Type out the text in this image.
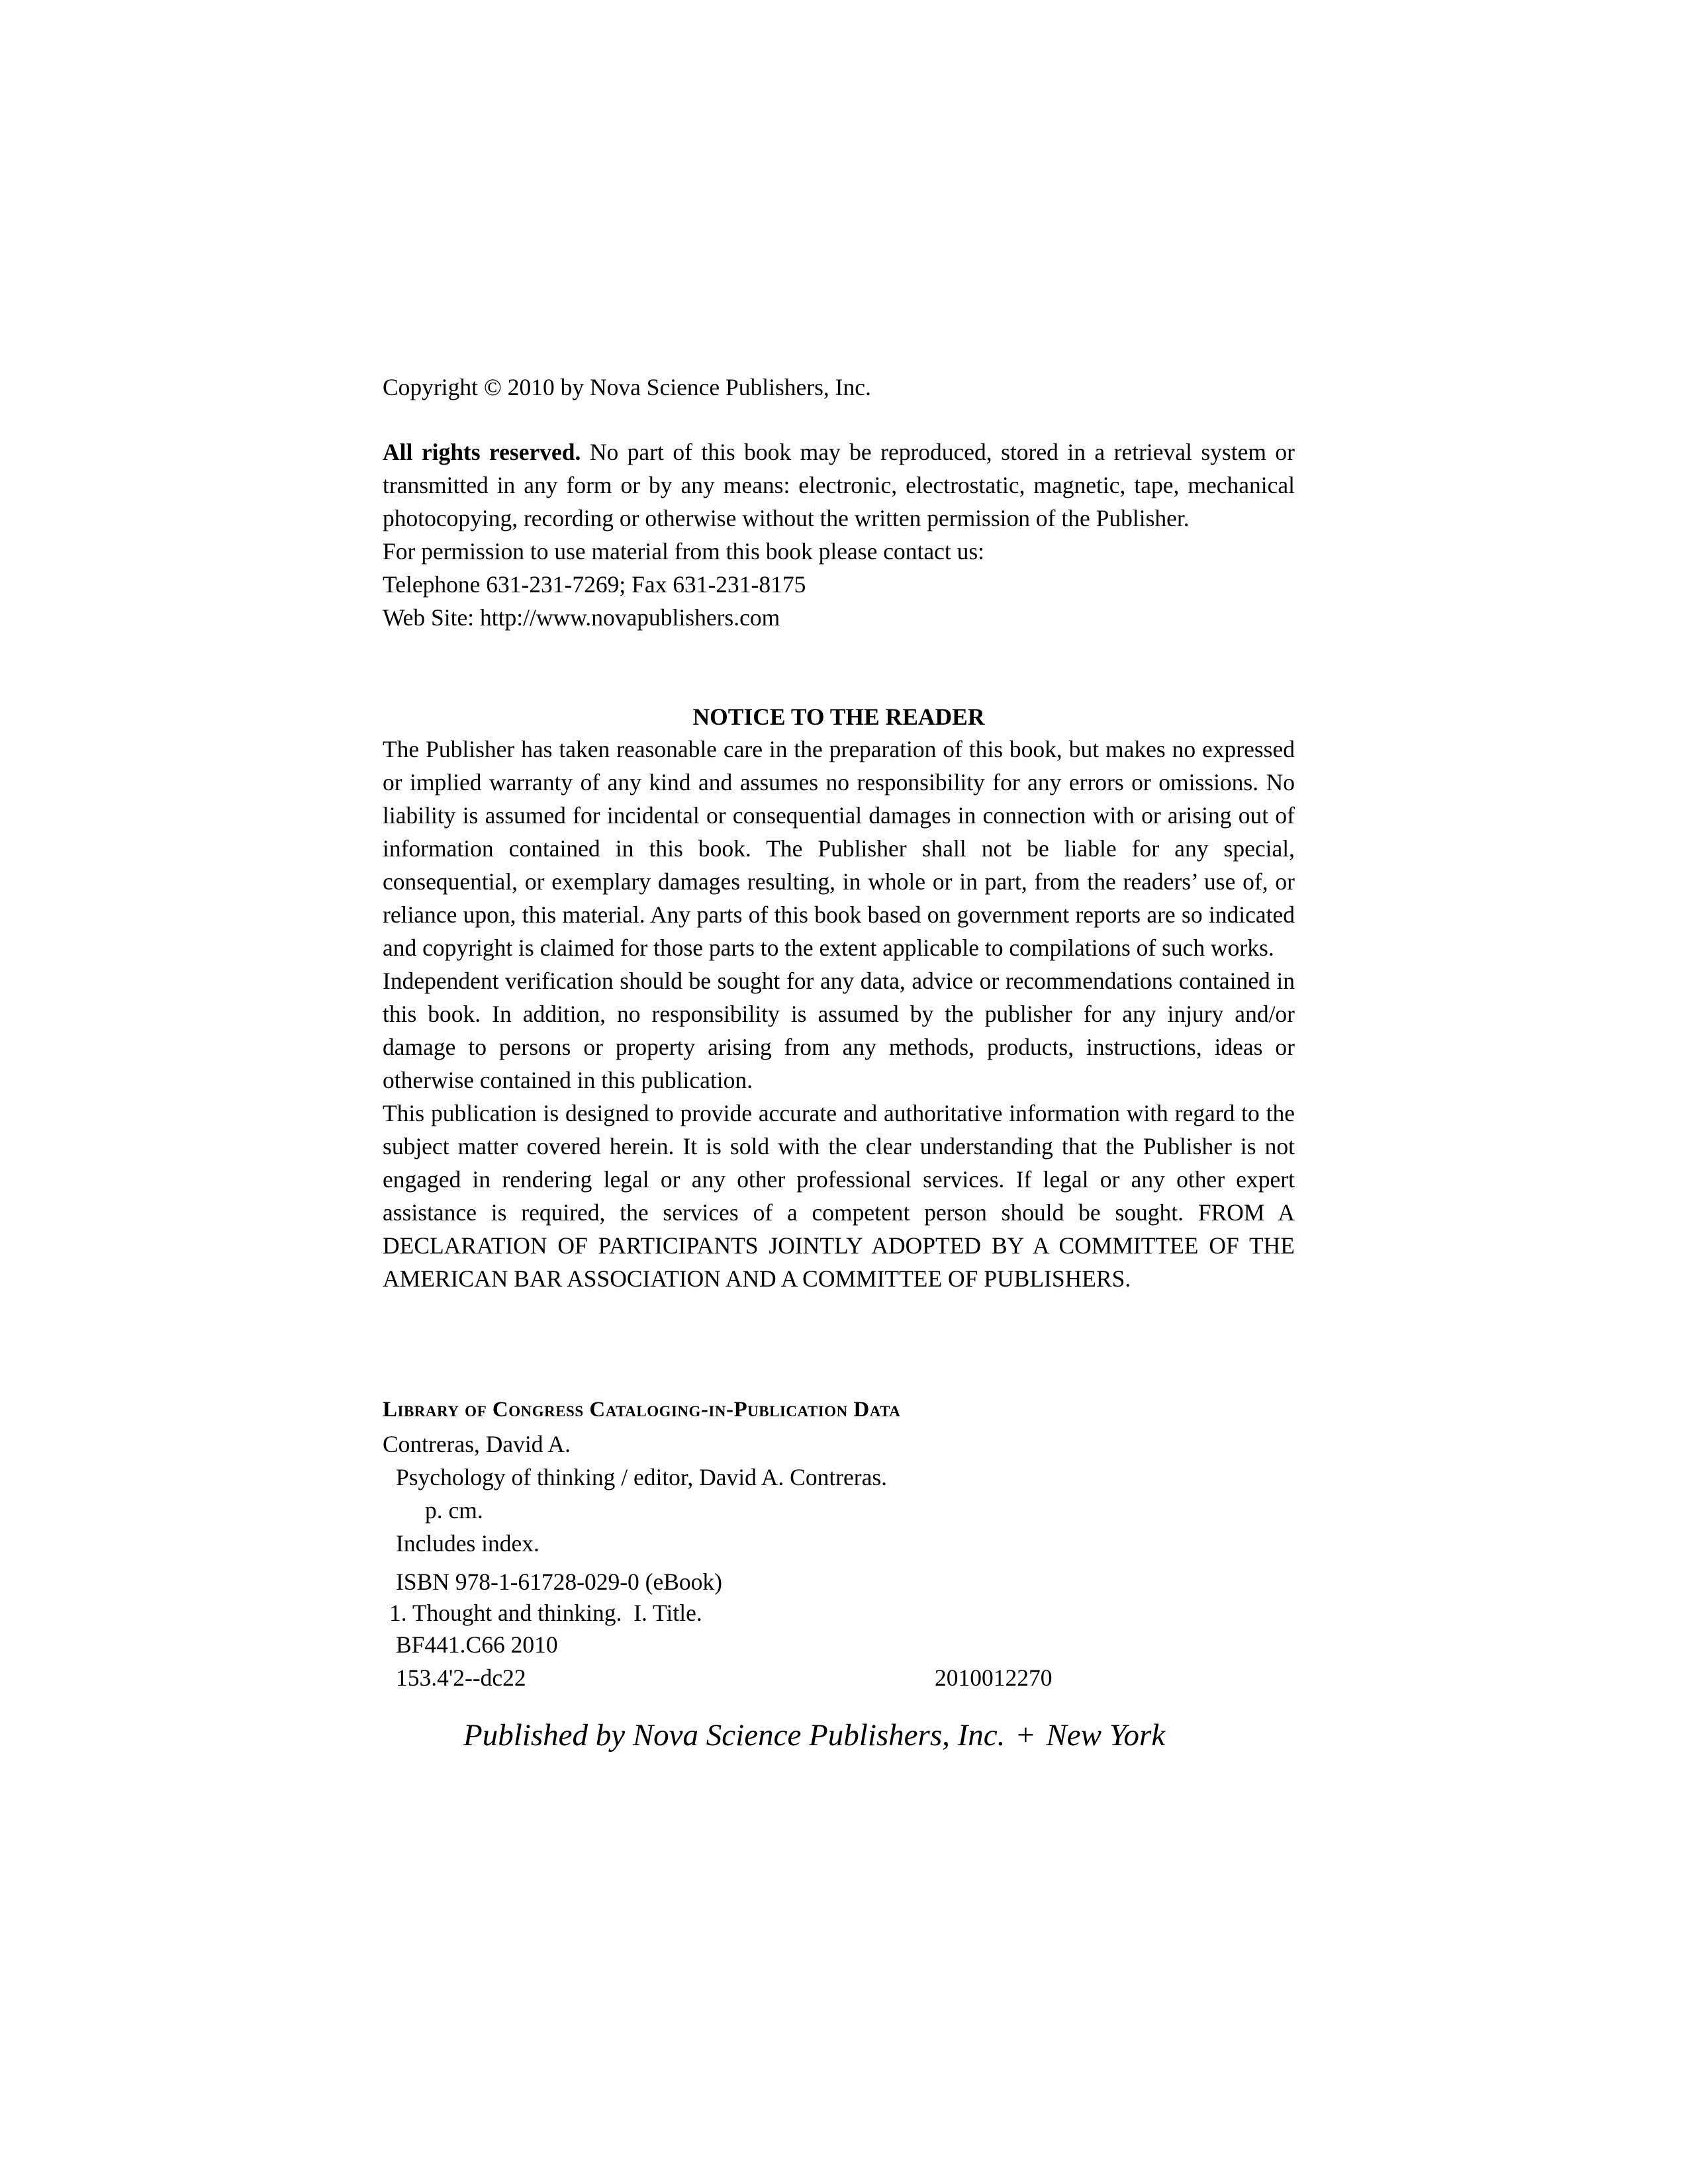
Copyright © 2010 by Nova Science Publishers, Inc.
All rights reserved. No part of this book may be reproduced, stored in a retrieval system or transmitted in any form or by any means: electronic, electrostatic, magnetic, tape, mechanical photocopying, recording or otherwise without the written permission of the Publisher.
For permission to use material from this book please contact us:
Telephone 631-231-7269; Fax 631-231-8175
Web Site: http://www.novapublishers.com
NOTICE TO THE READER

The Publisher has taken reasonable care in the preparation of this book, but makes no expressed or implied warranty of any kind and assumes no responsibility for any errors or omissions. No liability is assumed for incidental or consequential damages in connection with or arising out of information contained in this book. The Publisher shall not be liable for any special, consequential, or exemplary damages resulting, in whole or in part, from the readers’ use of, or reliance upon, this material. Any parts of this book based on government reports are so indicated and copyright is claimed for those parts to the extent applicable to compilations of such works.

Independent verification should be sought for any data, advice or recommendations contained in this book. In addition, no responsibility is assumed by the publisher for any injury and/or damage to persons or property arising from any methods, products, instructions, ideas or otherwise contained in this publication.

This publication is designed to provide accurate and authoritative information with regard to the subject matter covered herein. It is sold with the clear understanding that the Publisher is not engaged in rendering legal or any other professional services. If legal or any other expert assistance is required, the services of a competent person should be sought. FROM A DECLARATION OF PARTICIPANTS JOINTLY ADOPTED BY A COMMITTEE OF THE AMERICAN BAR ASSOCIATION AND A COMMITTEE OF PUBLISHERS.

Library of Congress Cataloging-in-Publication Data
Contreras, David A.
Psychology of thinking / editor, David A. Contreras.
p. cm.
Includes index.
ISBN 978-1-61728-029-0 (eBook)
1. Thought and thinking.  I. Title.
BF441.C66 2010
153.4'2--dc22	2010012270
Published by Nova Science Publishers, Inc. + New York
